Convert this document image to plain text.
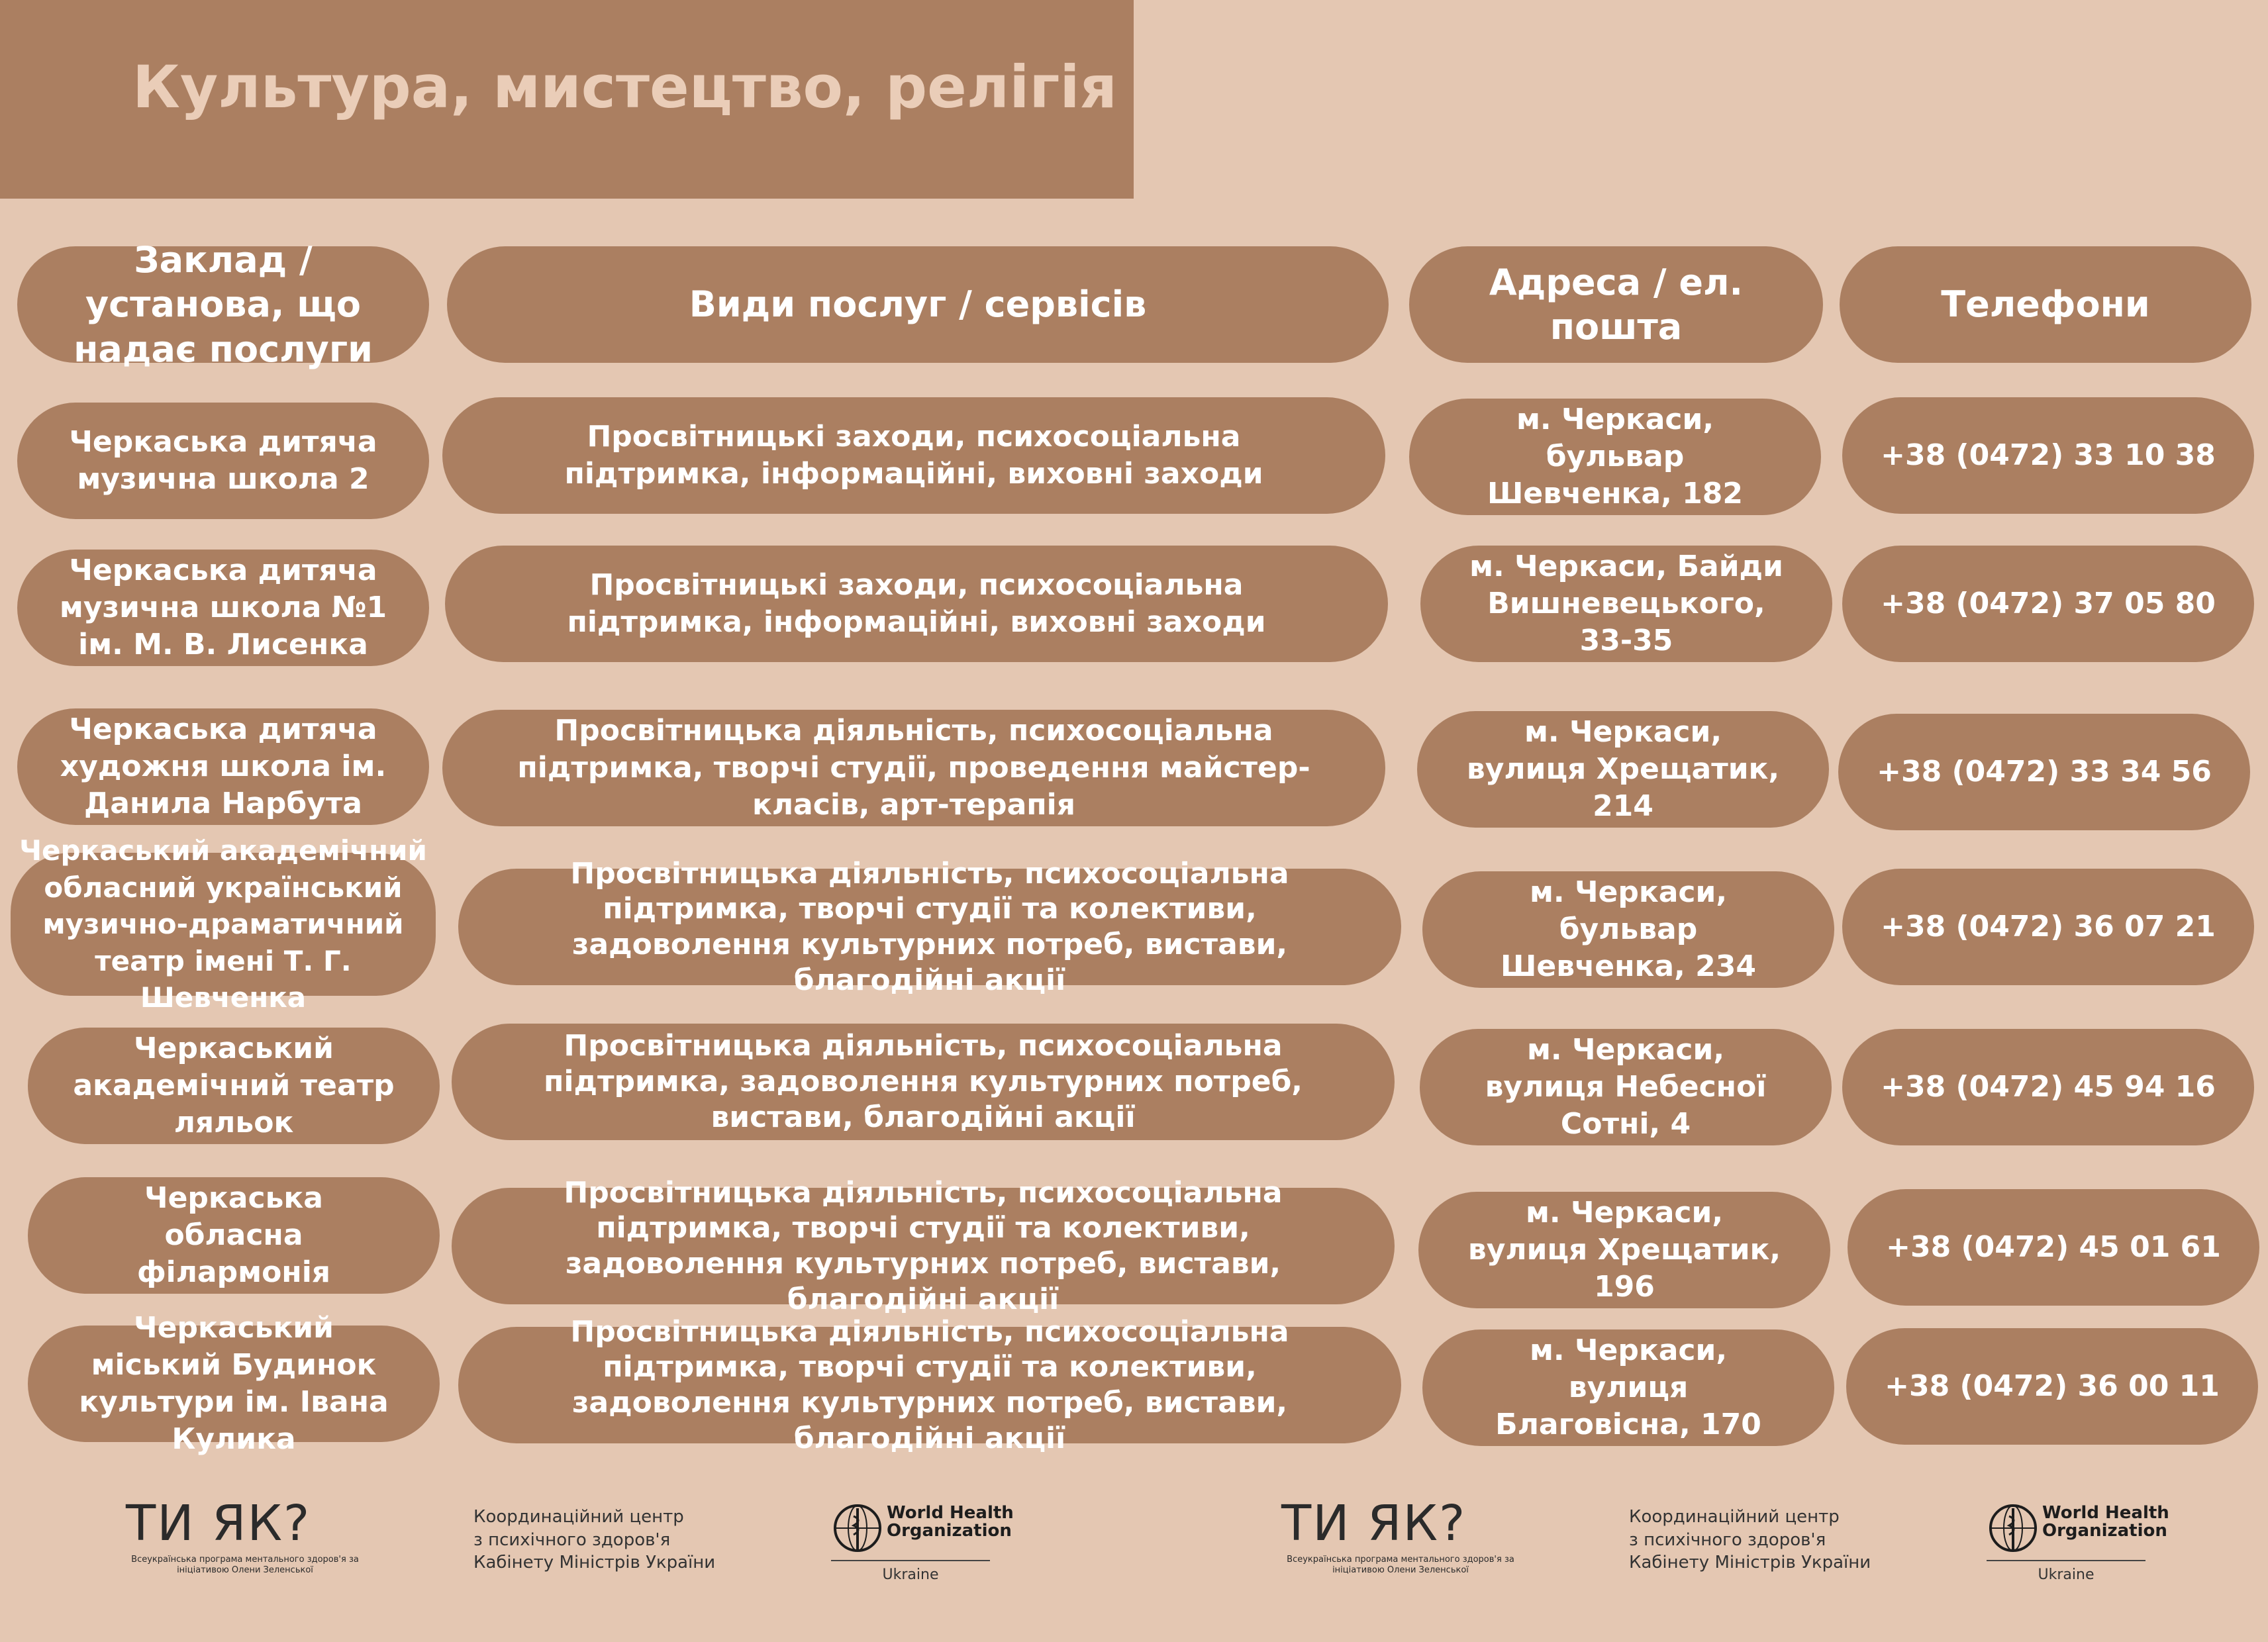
Культура, мистецтво, релігія
Заклад / установа, що надає послуги
Види послуг / сервісів
Адреса / ел. пошта
Телефони
Черкаська дитяча музична школа 2
Просвітницькі заходи, психосоціальна підтримка, інформаційні, виховні заходи
м. Черкаси, бульвар Шевченка, 182
+38 (0472) 33 10 38
Черкаська дитяча музична школа №1 ім. М. В. Лисенка
Просвітницькі заходи, психосоціальна підтримка, інформаційні, виховні заходи
м. Черкаси, Байди Вишневецького, 33-35
+38 (0472) 37 05 80
Черкаська дитяча художня школа ім. Данила Нарбута
Просвітницька діяльність, психосоціальна підтримка, творчі студії, проведення майстер-класів, арт-терапія
м. Черкаси, вулиця Хрещатик, 214
+38 (0472) 33 34 56
Черкаський академічний обласний український музично-драматичний театр імені Т. Г. Шевченка
Просвітницька діяльність, психосоціальна підтримка, творчі студії та колективи, задоволення культурних потреб, вистави, благодійні акції
м. Черкаси, бульвар Шевченка, 234
+38 (0472) 36 07 21
Черкаський академічний театр ляльок
Просвітницька діяльність, психосоціальна підтримка, задоволення культурних потреб, вистави, благодійні акції
м. Черкаси, вулиця Небесної Сотні, 4
+38 (0472) 45 94 16
Черкаська обласна філармонія
Просвітницька діяльність, психосоціальна підтримка, творчі студії та колективи, задоволення культурних потреб, вистави, благодійні акції
м. Черкаси, вулиця Хрещатик, 196
+38 (0472) 45 01 61
Черкаський міський Будинок культури ім. Івана Кулика
Просвітницька діяльність, психосоціальна підтримка, творчі студії та колективи, задоволення культурних потреб, вистави, благодійні акції
м. Черкаси, вулиця Благовісна, 170
+38 (0472) 36 00 11
ТИ ЯК?
Всеукраїнська програма ментального здоров'я за ініціативою Олени Зеленської
Координаційний центр
з психічного здоров'я
Кабінету Міністрів України
World Health
Organization
Ukraine
ТИ ЯК?
Всеукраїнська програма ментального здоров'я за ініціативою Олени Зеленської
Координаційний центр
з психічного здоров'я
Кабінету Міністрів України
World Health
Organization
Ukraine
